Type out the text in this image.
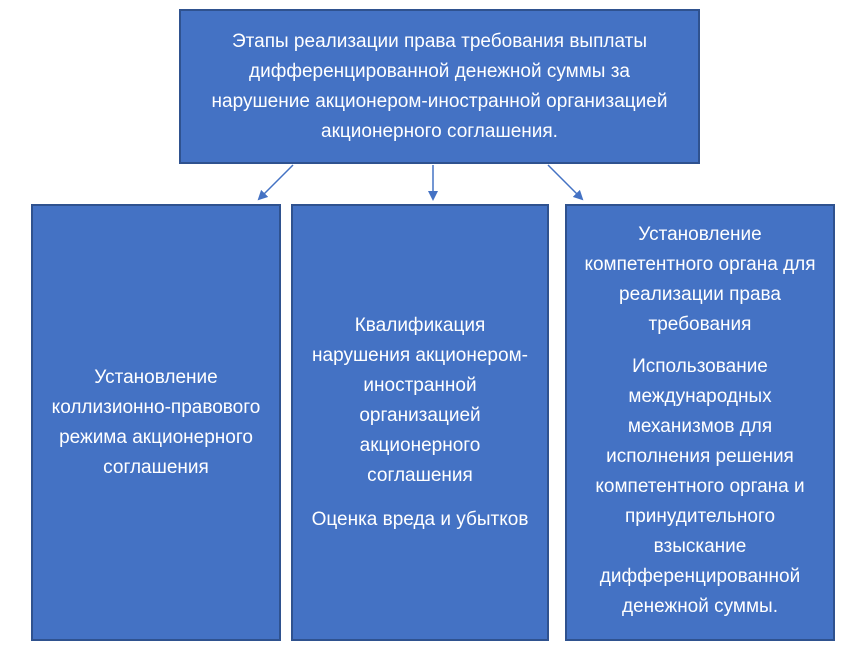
Этапы реализации права требования выплаты дифференцированной денежной суммы за нарушение акционером-иностранной организацией акционерного соглашения.

Установление коллизионно-правового режима акционерного соглашения

Квалификация нарушения акционером-иностранной организацией акционерного соглашения

Оценка вреда и убытков

Установление компетентного органа для реализации права требования

Использование международных механизмов для исполнения решения компетентного органа и принудительного взыскание дифференцированной денежной суммы.
